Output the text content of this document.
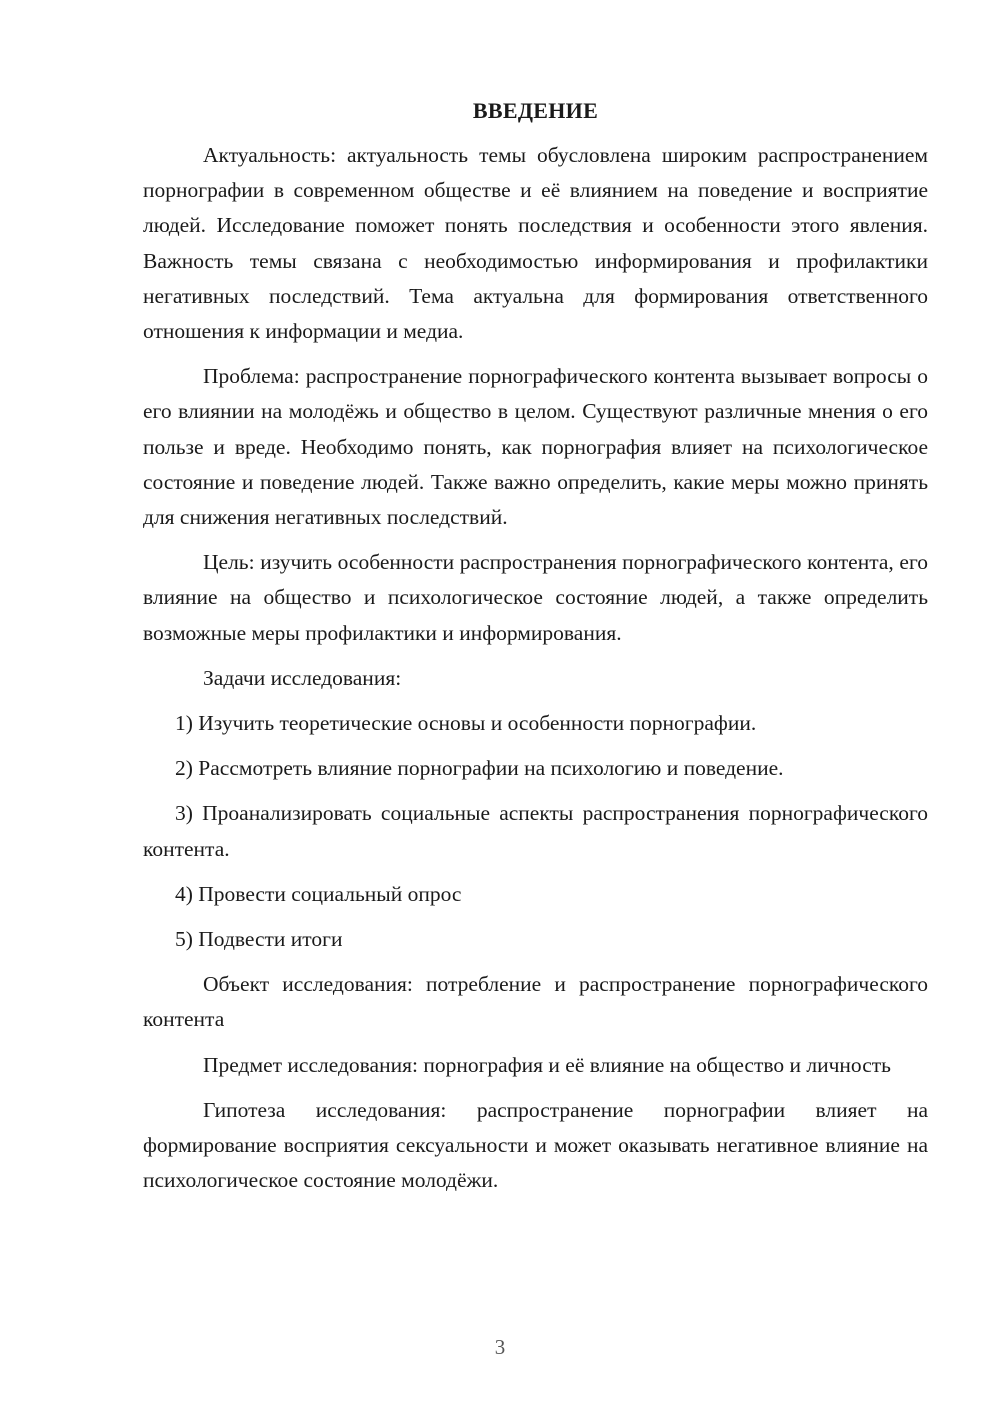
ВВЕДЕНИЕ

Актуальность: актуальность темы обусловлена широким распространением порнографии в современном обществе и её влиянием на поведение и восприятие людей. Исследование поможет понять последствия и особенности этого явления. Важность темы связана с необходимостью информирования и профилактики негативных последствий. Тема актуальна для формирования ответственного отношения к информации и медиа.

Проблема: распространение порнографического контента вызывает вопросы о его влиянии на молодёжь и общество в целом. Существуют различные мнения о его пользе и вреде. Необходимо понять, как порнография влияет на психологическое состояние и поведение людей. Также важно определить, какие меры можно принять для снижения негативных последствий.

Цель: изучить особенности распространения порнографического контента, его влияние на общество и психологическое состояние людей, а также определить возможные меры профилактики и информирования.

Задачи исследования:

1) Изучить теоретические основы и особенности порнографии.

2) Рассмотреть влияние порнографии на психологию и поведение.

3) Проанализировать социальные аспекты распространения порнографического контента.

4) Провести социальный опрос

5) Подвести итоги

Объект исследования: потребление и распространение порнографического контента

Предмет исследования: порнография и её влияние на общество и личность

Гипотеза исследования: распространение порнографии влияет на формирование восприятия сексуальности и может оказывать негативное влияние на психологическое состояние молодёжи.

3
